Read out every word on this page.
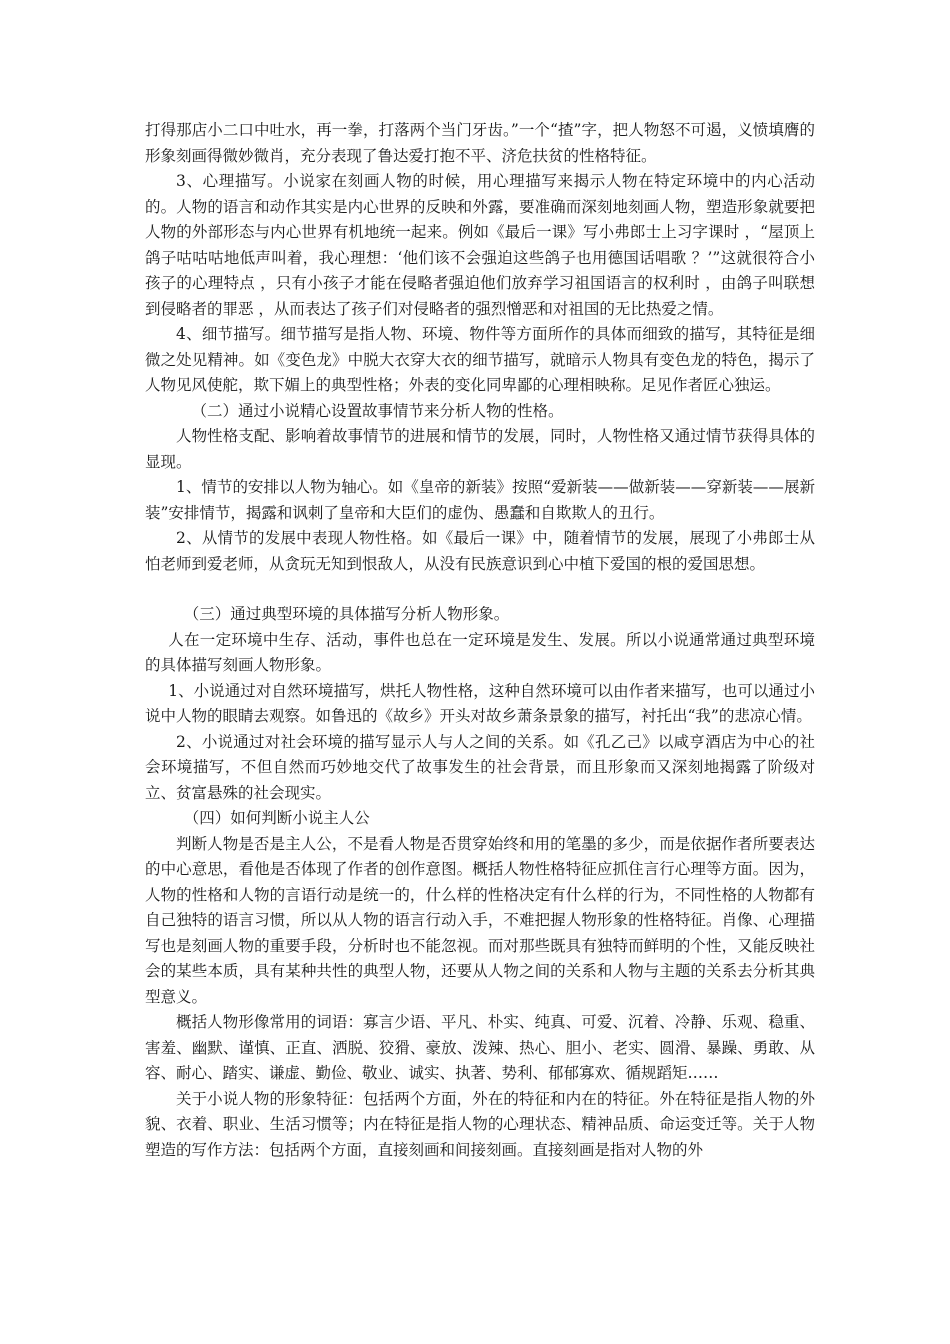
打得那店小二口中吐水，再一拳，打落两个当门牙齿。”一个“揸”字，把人物怒不可遏，义愤填膺的形象刻画得微妙微肖，充分表现了鲁达爱打抱不平、济危扶贫的性格特征。

3、心理描写。小说家在刻画人物的时候，用心理描写来揭示人物在特定环境中的内心活动的。人物的语言和动作其实是内心世界的反映和外露，要准确而深刻地刻画人物，塑造形象就要把人物的外部形态与内心世界有机地统一起来。例如《最后一课》写小弗郎士上习字课时 ，“屋顶上鸽子咕咕咕地低声叫着，我心理想：‘他们该不会强迫这些鸽子也用德国话唱歌 ？’”这就很符合小孩子的心理特点 ，只有小孩子才能在侵略者强迫他们放弃学习祖国语言的权利时 ，由鸽子叫联想到侵略者的罪恶 ，从而表达了孩子们对侵略者的强烈憎恶和对祖国的无比热爱之情。

4、细节描写。细节描写是指人物、环境、物件等方面所作的具体而细致的描写，其特征是细微之处见精神。如《变色龙》中脱大衣穿大衣的细节描写，就暗示人物具有变色龙的特色，揭示了人物见风使舵，欺下媚上的典型性格；外表的变化同卑鄙的心理相映称。足见作者匠心独运。

（二）通过小说精心设置故事情节来分析人物的性格。

人物性格支配、影响着故事情节的进展和情节的发展，同时，人物性格又通过情节获得具体的显现。

1、情节的安排以人物为轴心。如《皇帝的新装》按照“爱新装——做新装——穿新装——展新装”安排情节，揭露和讽刺了皇帝和大臣们的虚伪、愚蠢和自欺欺人的丑行。

2、从情节的发展中表现人物性格。如《最后一课》中，随着情节的发展，展现了小弗郎士从怕老师到爱老师，从贪玩无知到恨敌人，从没有民族意识到心中植下爱国的根的爱国思想。

（三）通过典型环境的具体描写分析人物形象。

人在一定环境中生存、活动，事件也总在一定环境是发生、发展。所以小说通常通过典型环境的具体描写刻画人物形象。

1、小说通过对自然环境描写，烘托人物性格，这种自然环境可以由作者来描写，也可以通过小说中人物的眼睛去观察。如鲁迅的《故乡》开头对故乡萧条景象的描写，衬托出“我”的悲凉心情。

2、小说通过对社会环境的描写显示人与人之间的关系。如《孔乙己》以咸亨酒店为中心的社会环境描写，不但自然而巧妙地交代了故事发生的社会背景，而且形象而又深刻地揭露了阶级对立、贫富悬殊的社会现实。

（四）如何判断小说主人公

判断人物是否是主人公，不是看人物是否贯穿始终和用的笔墨的多少，而是依据作者所要表达的中心意思，看他是否体现了作者的创作意图。概括人物性格特征应抓住言行心理等方面。因为，人物的性格和人物的言语行动是统一的，什么样的性格决定有什么样的行为，不同性格的人物都有自己独特的语言习惯，所以从人物的语言行动入手，不难把握人物形象的性格特征。肖像、心理描写也是刻画人物的重要手段，分析时也不能忽视。而对那些既具有独特而鲜明的个性，又能反映社会的某些本质，具有某种共性的典型人物，还要从人物之间的关系和人物与主题的关系去分析其典型意义。

概括人物形像常用的词语：寡言少语、平凡、朴实、纯真、可爱、沉着、冷静、乐观、稳重、害羞、幽默、谨慎、正直、洒脱、狡猾、豪放、泼辣、热心、胆小、老实、圆滑、暴躁、勇敢、从容、耐心、踏实、谦虚、勤俭、敬业、诚实、执著、势利、郁郁寡欢、循规蹈矩……

关于小说人物的形象特征：包括两个方面，外在的特征和内在的特征。外在特征是指人物的外貌、衣着、职业、生活习惯等；内在特征是指人物的心理状态、精神品质、命运变迁等。关于人物塑造的写作方法：包括两个方面，直接刻画和间接刻画。直接刻画是指对人物的外
